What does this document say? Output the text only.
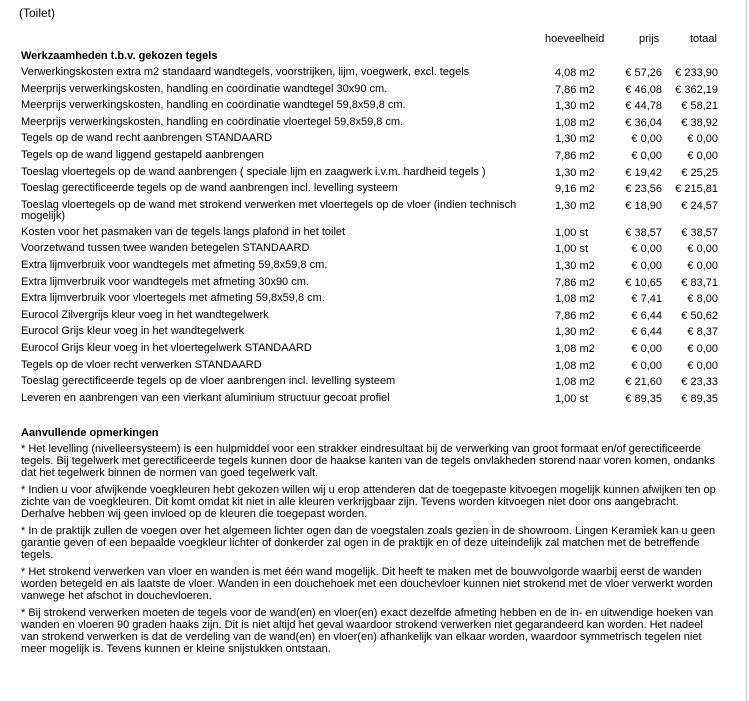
(Toilet)
hoeveelheid	prijs	totaal
Werkzaamheden t.b.v. gekozen tegels
Verwerkingskosten extra m2 standaard wandtegels, voorstrijken, lijm, voegwerk, excl. tegels	4,08 m2	€ 57,26 € 233,90
Meerprijs verwerkingskosten, handling en coördinatie wandtegel 30x90 cm.	7,86 m2	€ 46,08 € 362,19
Meerprijs verwerkingskosten, handling en coördinatie wandtegel 59,8x59,8 cm.	1,30 m2	€ 44,78 € 58,21
Meerprijs verwerkingskosten, handling en coördinatie vloertegel 59,8x59,8 cm.	1,08 m2	€ 36,04 € 38,92
Tegels op de wand recht aanbrengen STANDAARD	1,30 m2	€ 0,00 € 0,00
Tegels op de wand liggend gestapeld aanbrengen	7,86 m2	€ 0,00 € 0,00
Toeslag vloertegels op de wand aanbrengen ( speciale lijm en zaagwerk i.v.m. hardheid tegels )	1,30 m2	€ 19,42 € 25,25
Toeslag gerectificeerde tegels op de wand aanbrengen incl. levelling systeem	9,16 m2	€ 23,56 € 215,81
Toeslag vloertegels op de wand met strokend verwerken met vloertegels op de vloer (indien technisch mogelijk)
1,30 m2	€ 18,90 € 24,57
Kosten voor het pasmaken van de tegels langs plafond in het toilet	1,00 st	€ 38,57 € 38,57
Voorzetwand tussen twee wanden betegelen STANDAARD	1,00 st	€ 0,00 € 0,00
Extra lijmverbruik voor wandtegels met afmeting 59,8x59,8 cm.	1,30 m2	€ 0,00 € 0,00
Extra lijmverbruik voor wandtegels met afmeting 30x90 cm.	7,86 m2	€ 10,65 € 83,71
Extra lijmverbruik voor vloertegels met afmeting 59,8x59,8 cm.	1,08 m2	€ 7,41 € 8,00
Eurocol Zilvergrijs kleur voeg in het wandtegelwerk	7,86 m2	€ 6,44 € 50,62
Eurocol Grijs kleur voeg in het wandtegelwerk	1,30 m2	€ 6,44 € 8,37
Eurocol Grijs kleur voeg in het vloertegelwerk STANDAARD	1,08 m2	€ 0,00 € 0,00
Tegels op de vloer recht verwerken STANDAARD	1,08 m2	€ 0,00 € 0,00
Toeslag gerectificeerde tegels op de vloer aanbrengen incl. levelling systeem	1,08 m2	€ 21,60 € 23,33
Leveren en aanbrengen van een vierkant aluminium structuur gecoat profiel	1,00 st	€ 89,35 € 89,35
Aanvullende opmerkingen
* Het levelling (nivelleersysteem) is een hulpmiddel voor een strakker eindresultaat bij de verwerking van groot formaat en/of gerectificeerde tegels. Bij tegelwerk met gerectificeerde tegels kunnen door de haakse kanten van de tegels onvlakheden storend naar voren komen, ondanks dat het tegelwerk binnen de normen van goed tegelwerk valt.
* Indien u voor afwijkende voegkleuren hebt gekozen willen wij u erop attenderen dat de toegepaste kitvoegen mogelijk kunnen afwijken ten op zichte van de voegkleuren. Dit komt omdat kit niet in alle kleuren verkrijgbaar zijn. Tevens worden kitvoegen niet door ons aangebracht. Derhalve hebben wij geen invloed op de kleuren die toegepast worden.
* In de praktijk zullen de voegen over het algemeen lichter ogen dan de voegstalen zoals gezien in de showroom. Lingen Keramiek kan u geen garantie geven of een bepaalde voegkleur lichter of donkerder zal ogen in de praktijk en of deze uiteindelijk zal matchen met de betreffende tegels.
* Het strokend verwerken van vloer en wanden is met één wand mogelijk. Dit heeft te maken met de bouwvolgorde waarbij eerst de wanden worden betegeld en als laatste de vloer. Wanden in een douchehoek met een douchevloer kunnen niet strokend met de vloer verwerkt worden vanwege het afschot in douchevloeren.
* Bij strokend verwerken moeten de tegels voor de wand(en) en vloer(en) exact dezelfde afmeting hebben en de in- en uitwendige hoeken van wanden en vloeren 90 graden haaks zijn. Dit is niet altijd het geval waardoor strokend verwerken niet gegarandeerd kan worden. Het nadeel van strokend verwerken is dat de verdeling van de wand(en) en vloer(en) afhankelijk van elkaar worden, waardoor symmetrisch tegelen niet meer mogelijk is. Tevens kunnen er kleine snijstukken ontstaan.
